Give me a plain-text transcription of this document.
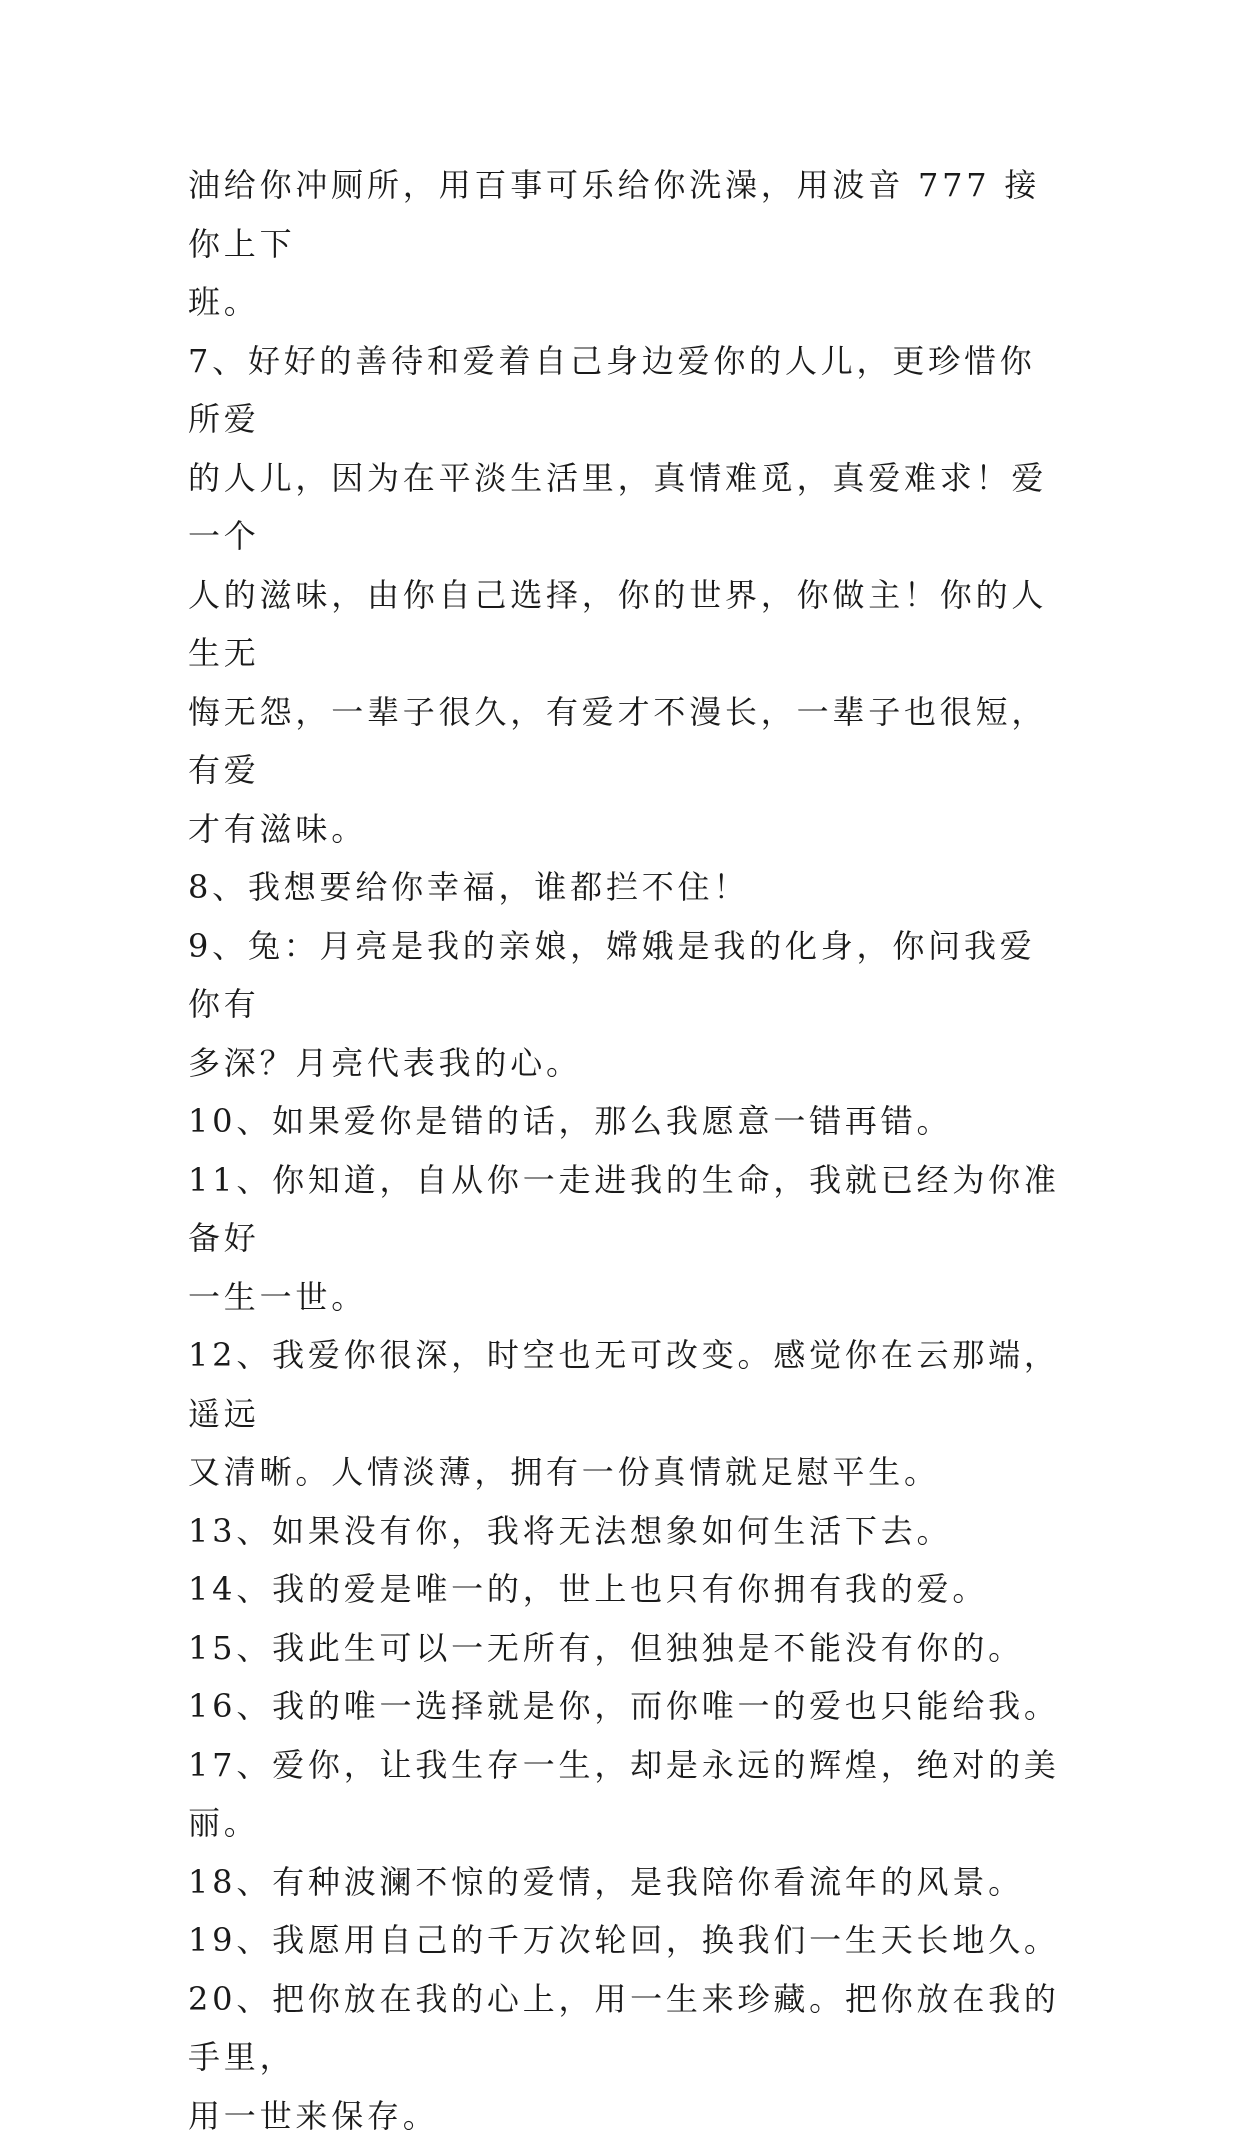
油给你冲厕所，用百事可乐给你洗澡，用波音 777 接你上下
班。

7、好好的善待和爱着自己身边爱你的人儿，更珍惜你所爱
的人儿，因为在平淡生活里，真情难觅，真爱难求！爱一个
人的滋味，由你自己选择，你的世界，你做主！你的人生无
悔无怨，一辈子很久，有爱才不漫长，一辈子也很短，有爱
才有滋味。

8、我想要给你幸福，谁都拦不住！

9、兔：月亮是我的亲娘，嫦娥是我的化身，你问我爱你有
多深？月亮代表我的心。

10、如果爱你是错的话，那么我愿意一错再错。

11、你知道，自从你一走进我的生命，我就已经为你准备好
一生一世。

12、我爱你很深，时空也无可改变。感觉你在云那端，遥远
又清晰。人情淡薄，拥有一份真情就足慰平生。

13、如果没有你，我将无法想象如何生活下去。

14、我的爱是唯一的，世上也只有你拥有我的爱。

15、我此生可以一无所有，但独独是不能没有你的。

16、我的唯一选择就是你，而你唯一的爱也只能给我。

17、爱你，让我生存一生，却是永远的辉煌，绝对的美丽。

18、有种波澜不惊的爱情，是我陪你看流年的风景。

19、我愿用自己的千万次轮回，换我们一生天长地久。

20、把你放在我的心上，用一生来珍藏。把你放在我的手里，
用一世来保存。
